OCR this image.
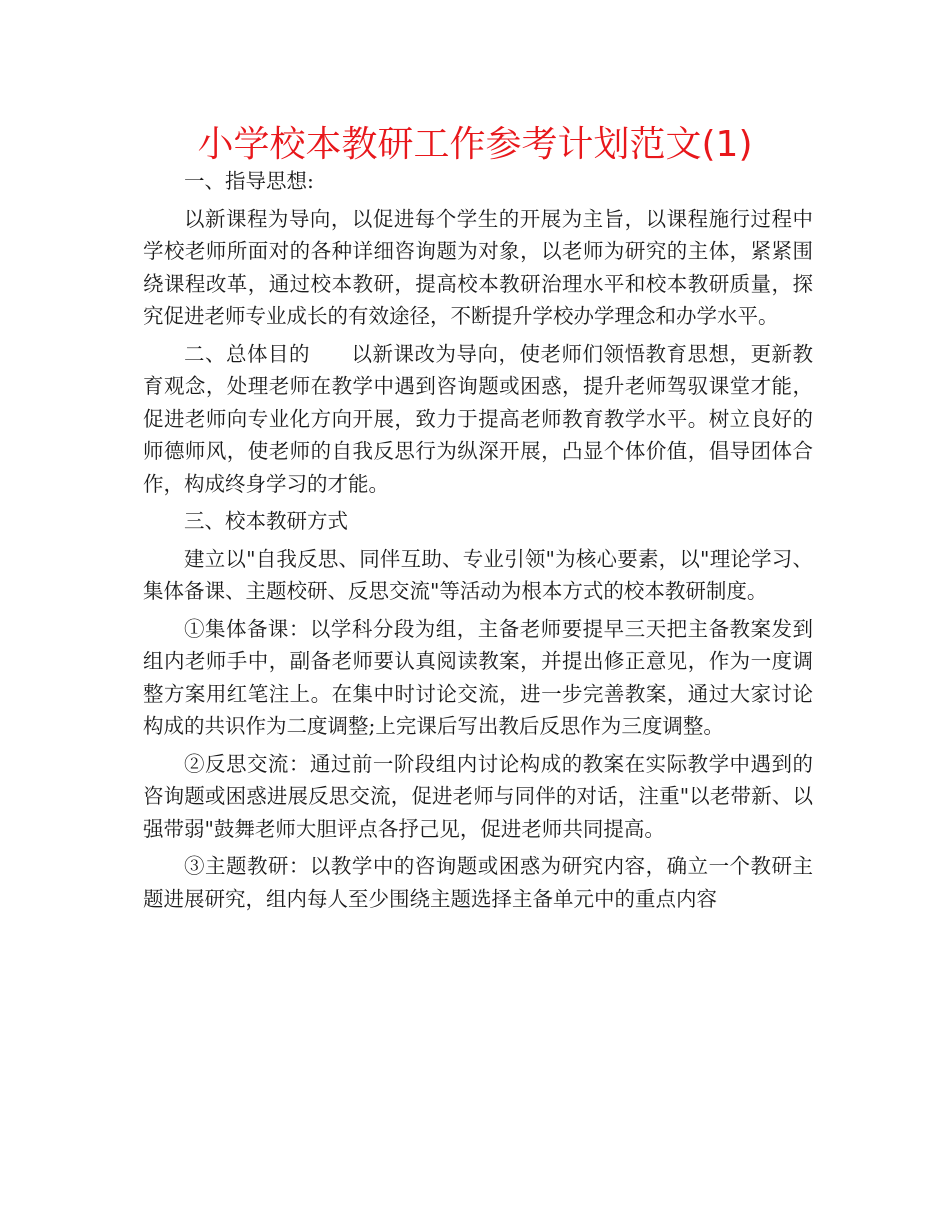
小学校本教研工作参考计划范文(1)

一、指导思想:

以新课程为导向，以促进每个学生的开展为主旨，以课程施行过程中学校老师所面对的各种详细咨询题为对象，以老师为研究的主体，紧紧围绕课程改革，通过校本教研，提高校本教研治理水平和校本教研质量，探究促进老师专业成长的有效途径，不断提升学校办学理念和办学水平。

二、总体目的 以新课改为导向，使老师们领悟教育思想，更新教育观念，处理老师在教学中遇到咨询题或困惑，提升老师驾驭课堂才能，促进老师向专业化方向开展，致力于提高老师教育教学水平。树立良好的师德师风，使老师的自我反思行为纵深开展，凸显个体价值，倡导团体合作，构成终身学习的才能。

三、校本教研方式

建立以"自我反思、同伴互助、专业引领"为核心要素，以"理论学习、集体备课、主题校研、反思交流"等活动为根本方式的校本教研制度。

①集体备课：以学科分段为组，主备老师要提早三天把主备教案发到组内老师手中，副备老师要认真阅读教案，并提出修正意见，作为一度调整方案用红笔注上。在集中时讨论交流，进一步完善教案，通过大家讨论构成的共识作为二度调整;上完课后写出教后反思作为三度调整。

②反思交流：通过前一阶段组内讨论构成的教案在实际教学中遇到的咨询题或困惑进展反思交流，促进老师与同伴的对话，注重"以老带新、以强带弱"鼓舞老师大胆评点各抒己见，促进老师共同提高。

③主题教研：以教学中的咨询题或困惑为研究内容，确立一个教研主题进展研究，组内每人至少围绕主题选择主备单元中的重点内容
